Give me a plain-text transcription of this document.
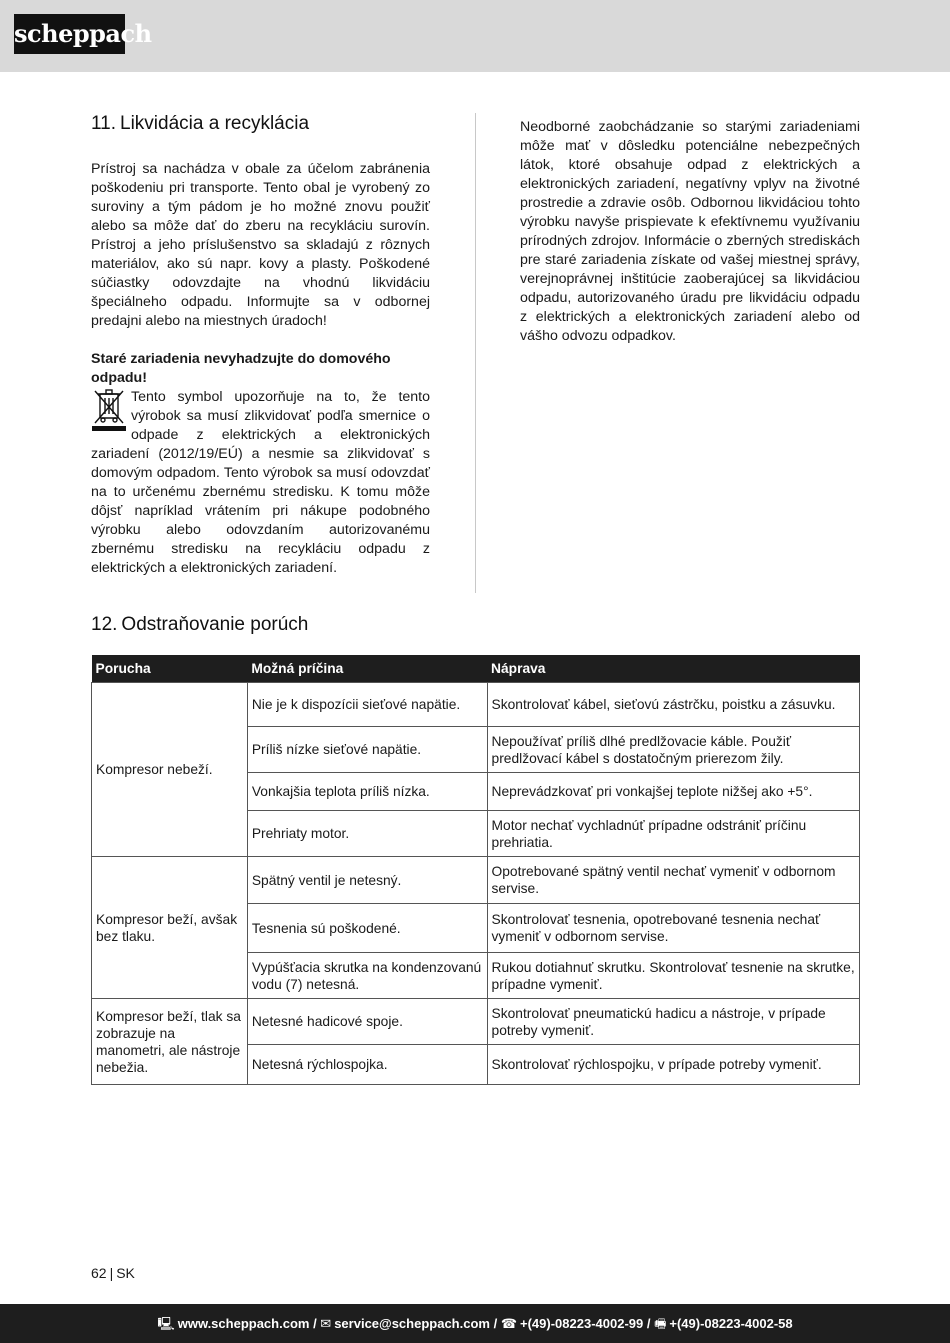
scheppach
11. Likvidácia a recyklácia

Prístroj sa nachádza v obale za účelom zabránenia poškodeniu pri transporte. Tento obal je vyrobený zo suroviny a tým pádom je ho možné znovu použiť alebo sa môže dať do zberu na recykláciu surovín. Prístroj a jeho príslušenstvo sa skladajú z rôznych materiálov, ako sú napr. kovy a plasty. Poškodené súčiastky odovzdajte na vhodnú likvidáciu špeciálneho odpadu. Informujte sa v odbornej predajni alebo na miestnych úradoch!

Staré zariadenia nevyhadzujte do domového odpadu!

Tento symbol upozorňuje na to, že tento výrobok sa musí zlikvidovať podľa smernice o odpade z elektrických a elektronických zariadení (2012/19/EÚ) a nesmie sa zlikvidovať s domovým odpadom. Tento výrobok sa musí odovzdať na to určenému zbernému stredisku. K tomu môže dôjsť napríklad vrátením pri nákupe podobného výrobku alebo odovzdaním autorizovanému zbernému stredisku na recykláciu odpadu z elektrických a elektronických zariadení.

Neodborné zaobchádzanie so starými zariadeniami môže mať v dôsledku potenciálne nebezpečných látok, ktoré obsahuje odpad z elektrických a elektronických zariadení, negatívny vplyv na životné prostredie a zdravie osôb. Odbornou likvidáciou tohto výrobku navyše prispievate k efektívnemu využívaniu prírodných zdrojov. Informácie o zberných strediskách pre staré zariadenia získate od vašej miestnej správy, verejnoprávnej inštitúcie zaoberajúcej sa likvidáciou odpadu, autorizovaného úradu pre likvidáciu odpadu z elektrických a elektronických zariadení alebo od vášho odvozu odpadkov.

12. Odstraňovanie porúch
Porucha	Možná príčina	Náprava
Kompresor nebeží.	Nie je k dispozícii sieťové napätie.	Skontrolovať kábel, sieťovú zástrčku, poistku a zásuvku.
	Príliš nízke sieťové napätie.	Nepoužívať príliš dlhé predlžovacie káble. Použiť predlžovací kábel s dostatočným prierezom žily.
	Vonkajšia teplota príliš nízka.	Neprevádzkovať pri vonkajšej teplote nižšej ako +5°.
	Prehriaty motor.	Motor nechať vychladnúť prípadne odstrániť príčinu prehriatia.
Kompresor beží, avšak bez tlaku.	Spätný ventil je netesný.	Opotrebované spätný ventil nechať vymeniť v odbornom servise.
	Tesnenia sú poškodené.	Skontrolovať tesnenia, opotrebované tesnenia nechať vymeniť v odbornom servise.
	Vypúšťacia skrutka na kondenzovanú vodu (7) netesná.	Rukou dotiahnuť skrutku. Skontrolovať tesnenie na skrutke, prípadne vymeniť.
Kompresor beží, tlak sa zobrazuje na manometri, ale nástroje nebežia.	Netesné hadicové spoje.	Skontrolovať pneumatickú hadicu a nástroje, v prípade potreby vymeniť.
	Netesná rýchlospojka.	Skontrolovať rýchlospojku, v prípade potreby vymeniť.
62 | SK
🖳 www.scheppach.com / ✉ service@scheppach.com / ☎ +(49)-08223-4002-99 / 🖷 +(49)-08223-4002-58
